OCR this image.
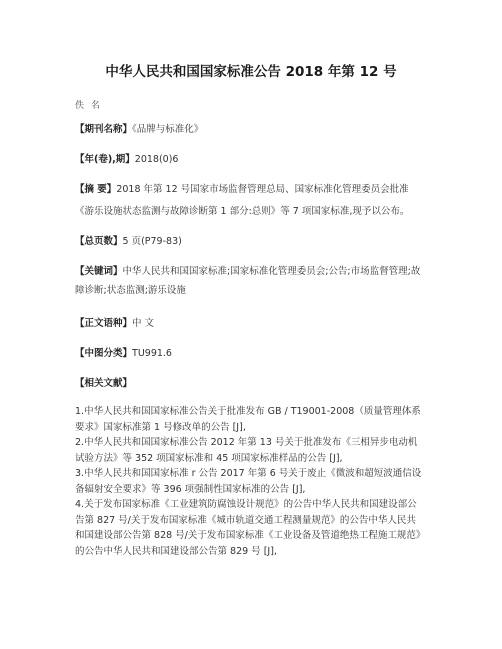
中华人民共和国国家标准公告 2018 年第 12 号
佚 名
【期刊名称】《品牌与标准化》
【年(卷),期】2018(0)6
【摘 要】2018 年第 12 号国家市场监督管理总局、国家标准化管理委员会批准
《游乐设施状态监测与故障诊断第 1 部分:总则》等 7 项国家标准,现予以公布。
【总页数】5 页(P79-83)
【关键词】中华人民共和国国家标准;国家标准化管理委员会;公告;市场监督管理;故
障诊断;状态监测;游乐设施
【正文语种】中 文
【中图分类】TU991.6
【相关文献】
1.中华人民共和国国家标准公告关于批准发布 GB / T19001-2008（质量管理体系
要求》国家标准第 1 号修改单的公告 [J],
2.中华人民共和国国家标准公告 2012 年第 13 号关于批准发布《三相异步电动机
试验方法》等 352 项国家标准和 45 项国家标准样品的公告 [J],
3.中华人民共和国国家标准 r 公告 2017 年第 6 号关于废止《微波和超短波通信设
备辐射安全要求》等 396 项强制性国家标准的公告 [J],
4.关于发布国家标准《工业建筑防腐蚀设计规范》的公告中华人民共和国建设部公
告第 827 号/关于发布国家标准《城市轨道交通工程测量规范》的公告中华人民共
和国建设部公告第 828 号/关于发布国家标准《工业设备及管道绝热工程施工规范》
的公告中华人民共和国建设部公告第 829 号 [J],
